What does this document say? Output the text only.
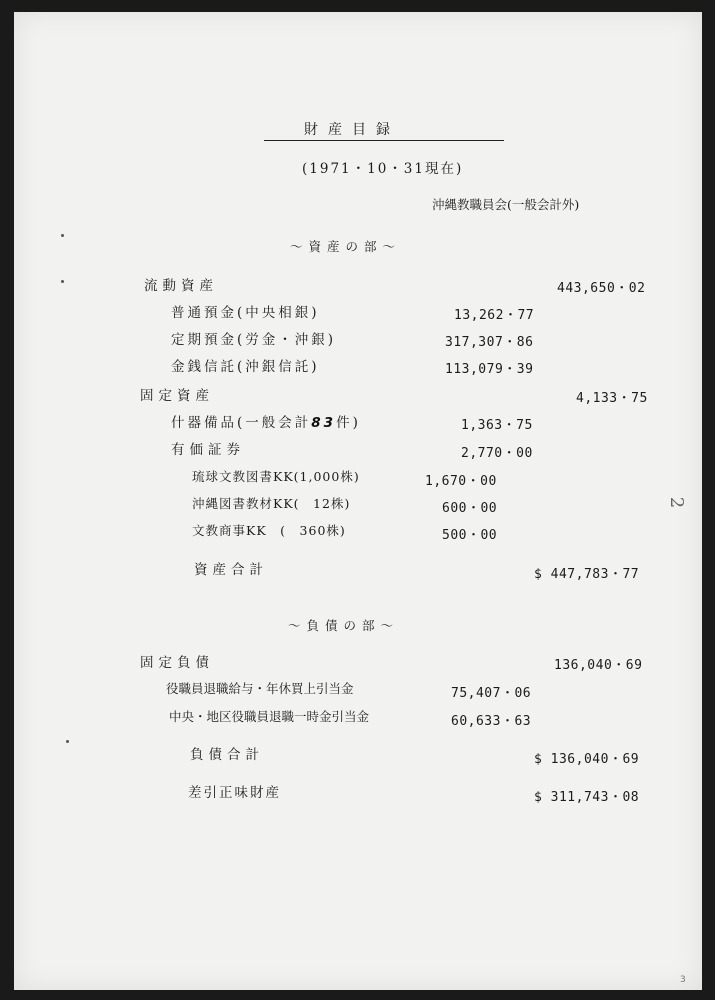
財産目録
(1971・10・31現在)
沖縄教職員会(一般会計外)
〜資産の部〜
流動資産	443,650・02
普通預金(中央相銀)	13,262・77
定期預金(労金・沖銀)	317,307・86
金銭信託(沖銀信託)	113,079・39
固定資産	4,133・75
什器備品(一般会計83件)	1,363・75
有価証券	2,770・00
琉球文教図書KK(1,000株)	1,670・00
沖縄図書教材KK(　12株)	600・00
文教商事KK　(　360株)	500・00
資産合計	$ 447,783・77
〜負債の部〜
固定負債	136,040・69
役職員退職給与・年休買上引当金	75,407・06
中央・地区役職員退職一時金引当金	60,633・63
負債合計	$ 136,040・69
差引正味財産	$ 311,743・08
2
3
